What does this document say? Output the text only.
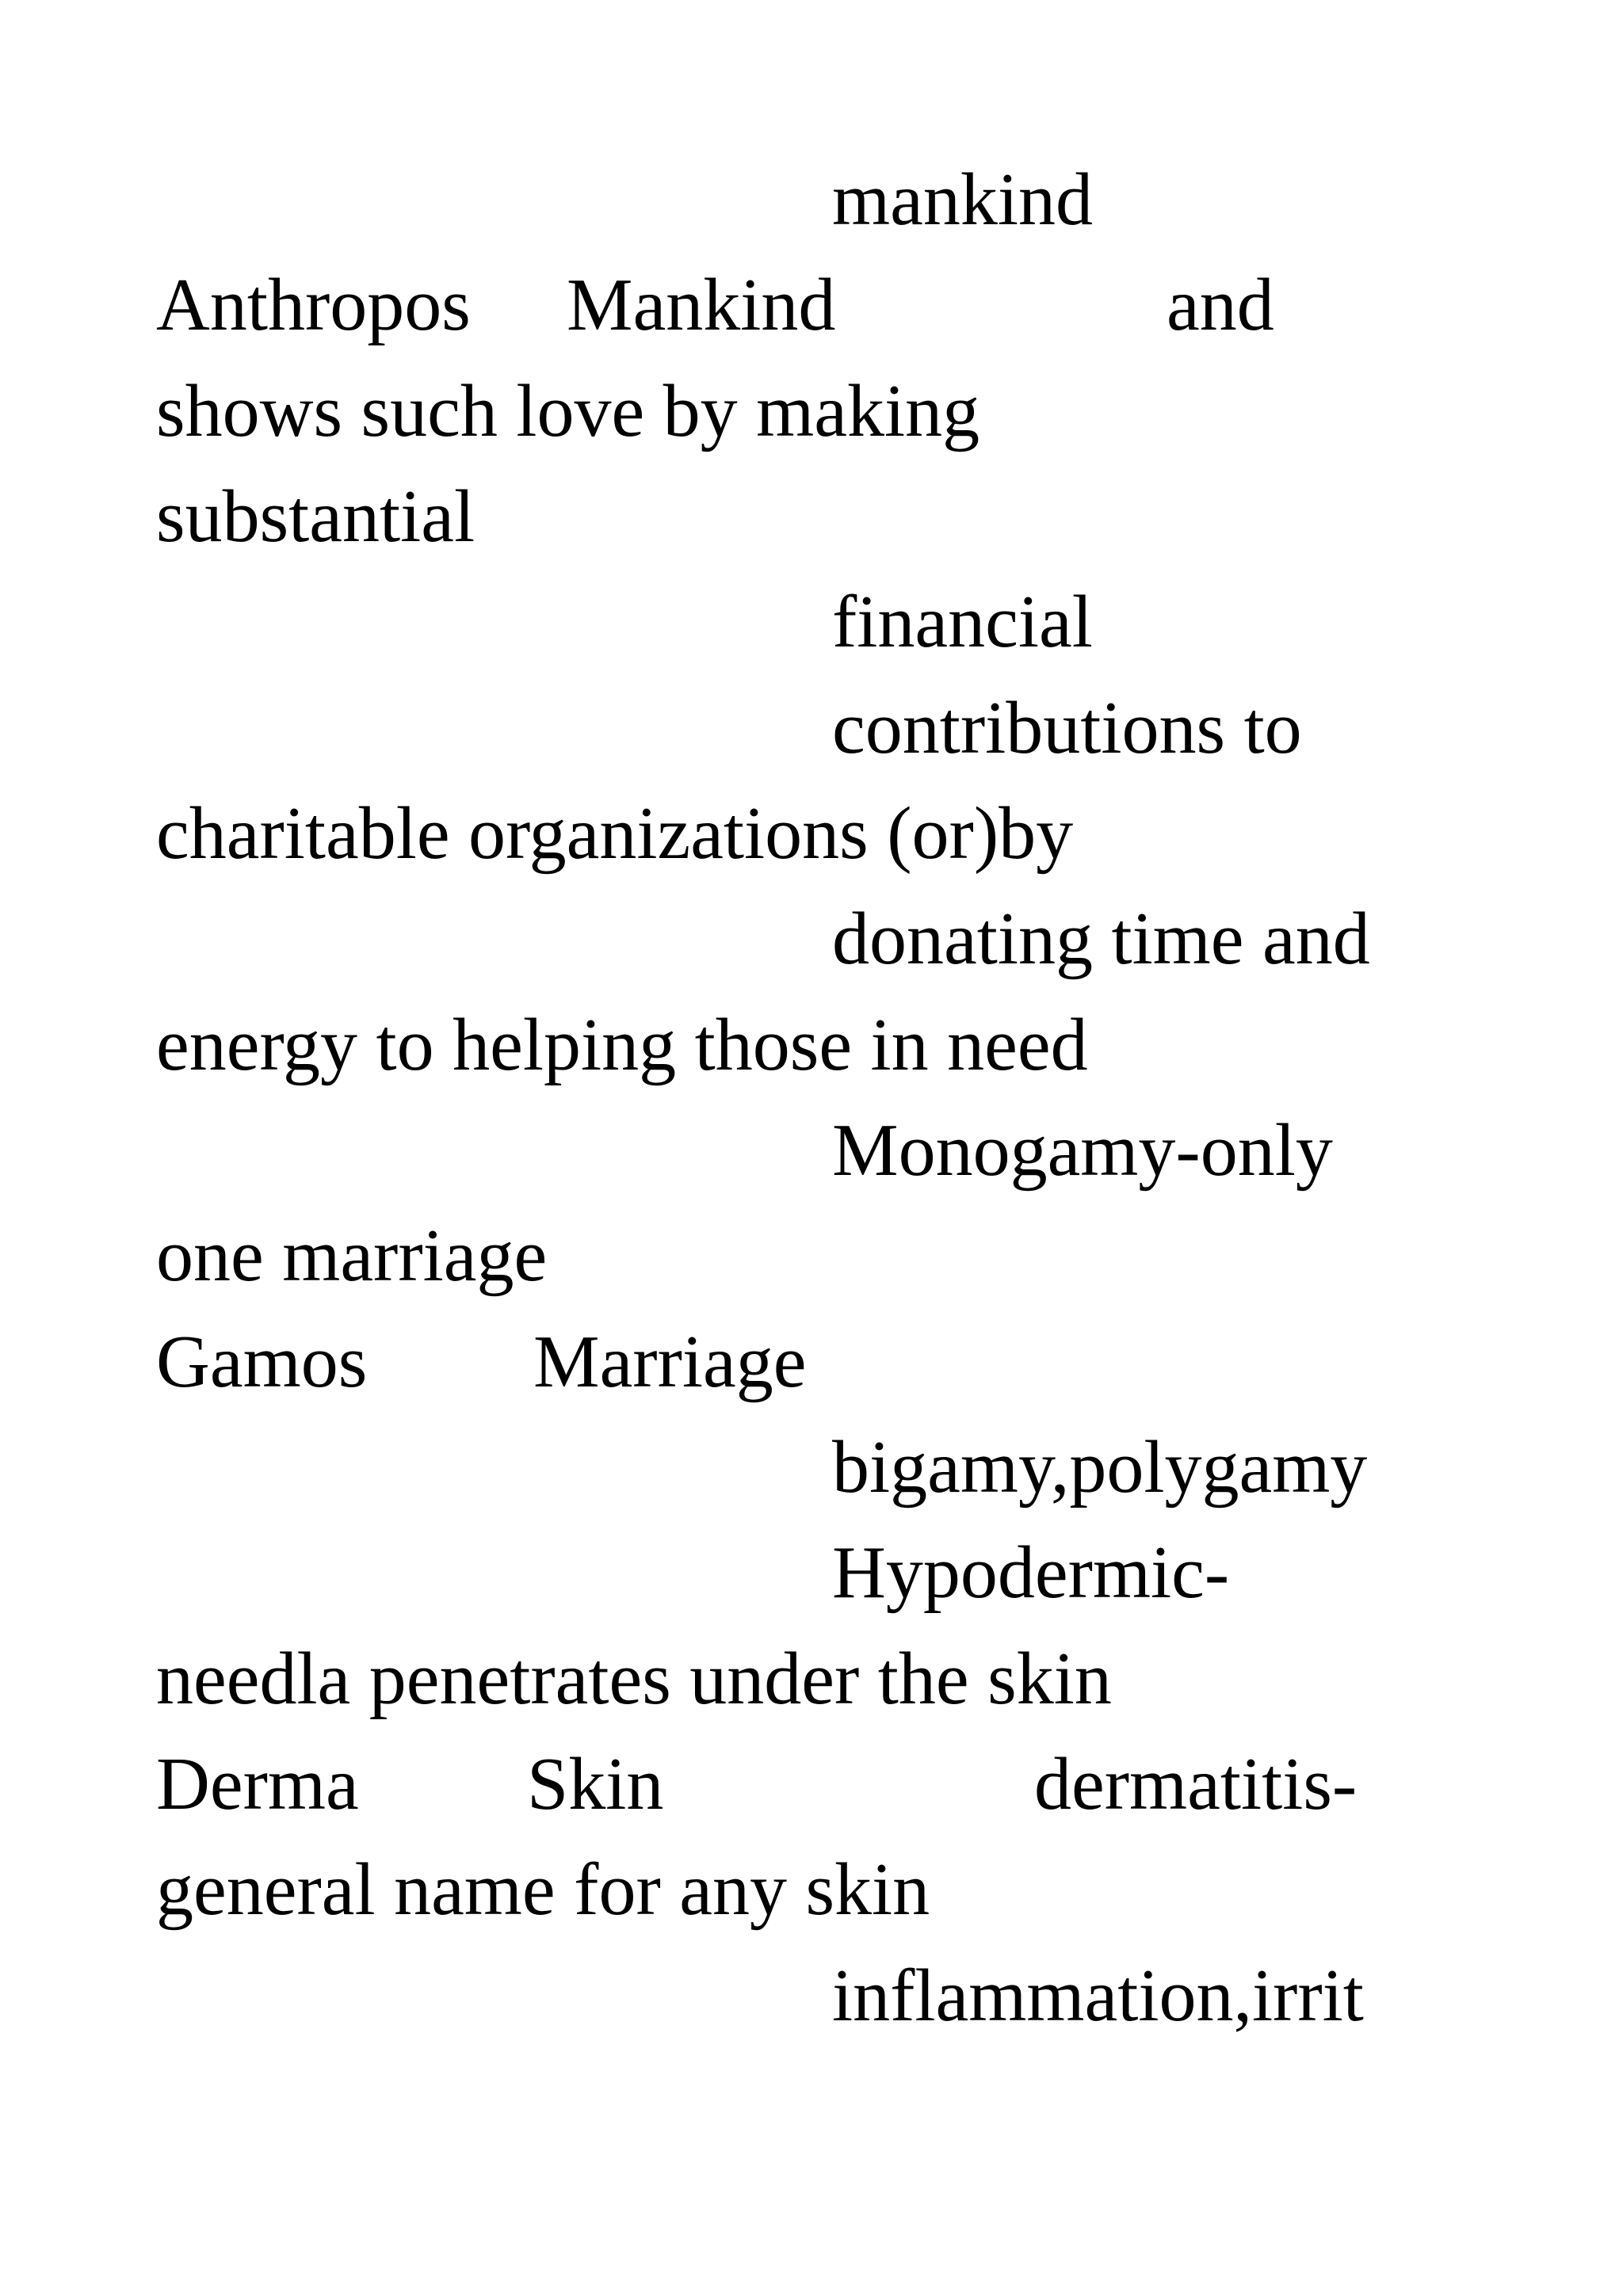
mankind
Anthropos Mankind	and
shows such love by making
substantial
financial
contributions to
charitable organizations (or)by
donating time and
energy to helping those in need
Monogamy-only
one marriage
Gamos Marriage
bigamy,polygamy
Hypodermic-
needla penetrates under the skin
Derma Skin	dermatitis-
general name for any skin
inflammation,irrit
